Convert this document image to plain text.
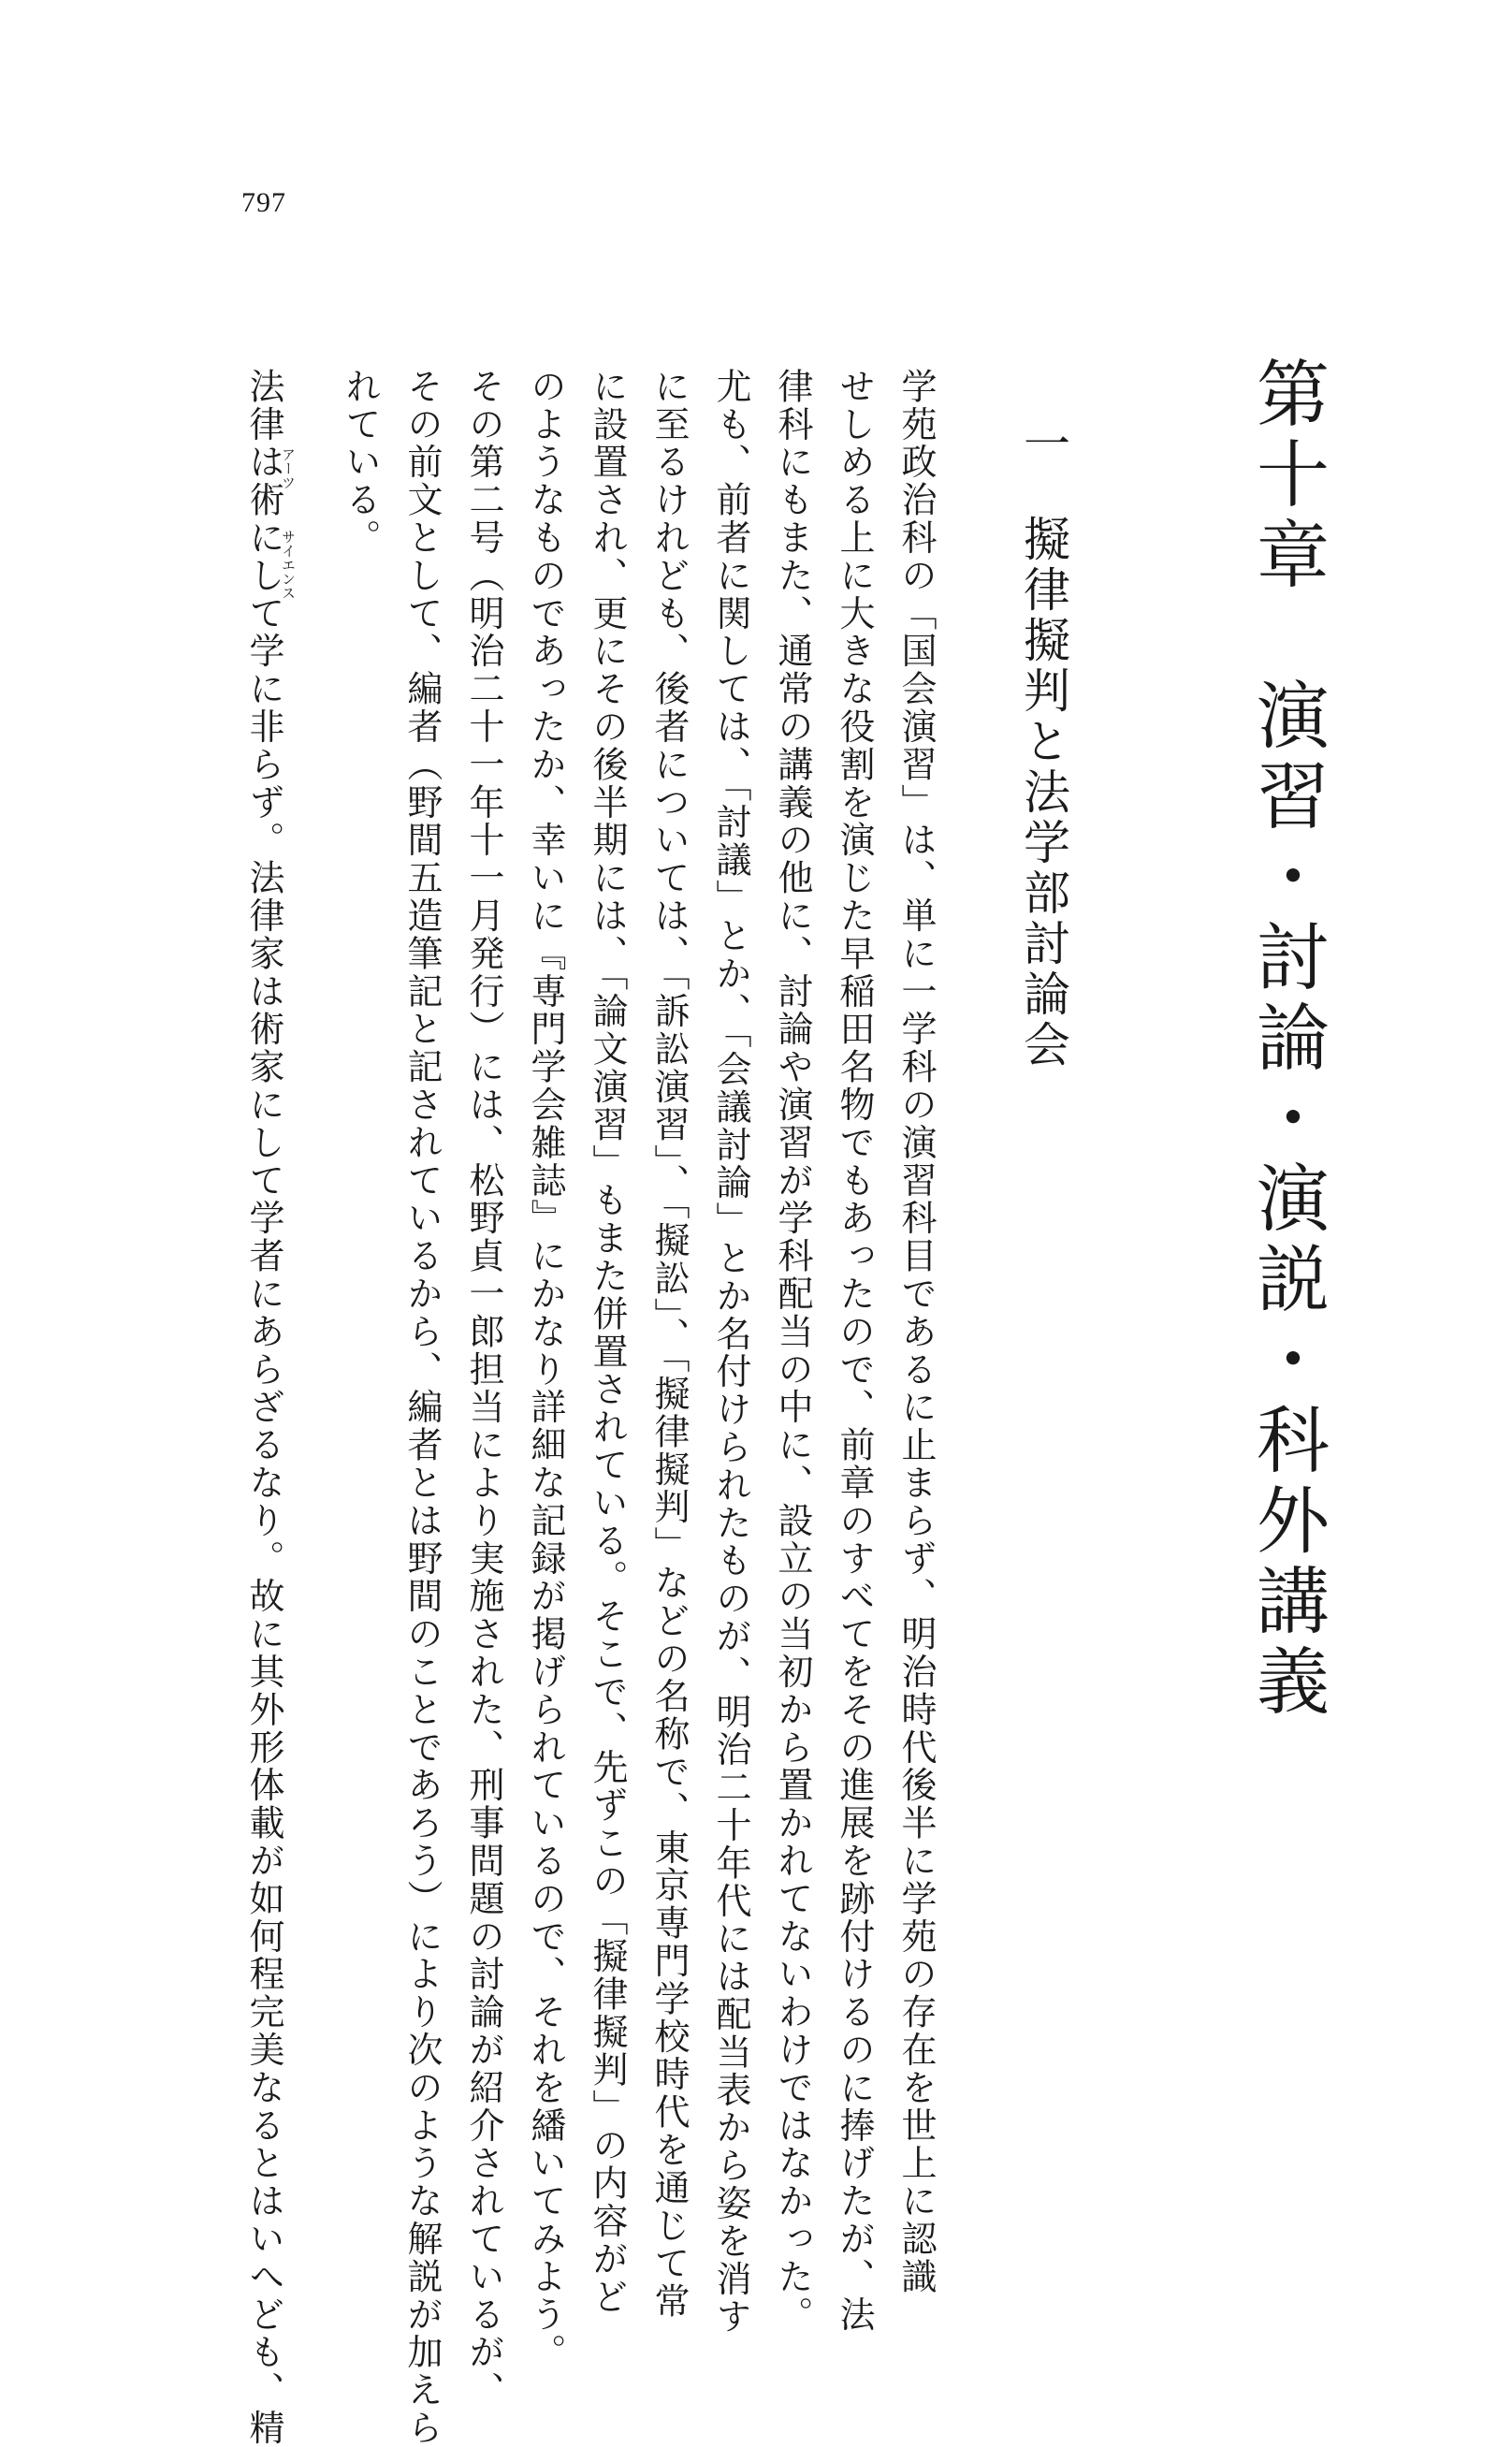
797
第十章　演習・討論・演説・科外講義
一擬律擬判と法学部討論会
学苑政治科の「国会演習」は、単に一学科の演習科目であるに止まらず、明治時代後半に学苑の存在を世上に認識
せしめる上に大きな役割を演じた早稲田名物でもあったので、前章のすべてをその進展を跡付けるのに捧げたが、法
律科にもまた、通常の講義の他に、討論や演習が学科配当の中に、設立の当初から置かれてないわけではなかった。
尤も、前者に関しては、「討議」とか、「会議討論」とか名付けられたものが、明治二十年代には配当表から姿を消す
に至るけれども、後者については、「訴訟演習」、「擬訟」、「擬律擬判」などの名称で、東京専門学校時代を通じて常
に設置され、更にその後半期には、「論文演習」もまた併置されている。そこで、先ずこの「擬律擬判」の内容がど
のようなものであったか、幸いに『専門学会雑誌』にかなり詳細な記録が掲げられているので、それを繙いてみよう。
その第二号（明治二十一年十一月発行）には、松野貞一郎担当により実施された、刑事問題の討論が紹介されているが、
その前文として、編者（野間五造筆記と記されているから、編者とは野間のことであろう）により次のような解説が加えら
れている。
法律は術にして学に非らず。法律家は術家にして学者にあらざるなり。故に其外形体載が如何程完美なるとはいへども、精
アーツ
サイエンス
